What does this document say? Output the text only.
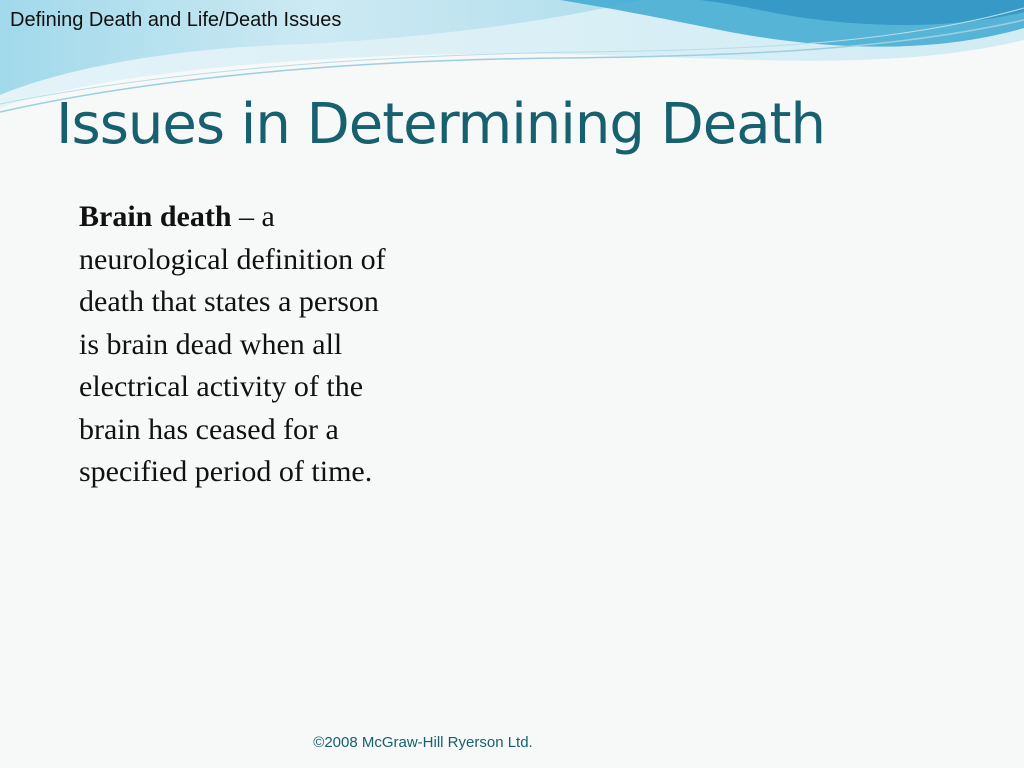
Defining Death and Life/Death Issues
Issues in Determining Death
Brain death – a neurological definition of death that states a person is brain dead when all electrical activity of the brain has ceased for a specified period of time.
©2008 McGraw-Hill Ryerson Ltd.
